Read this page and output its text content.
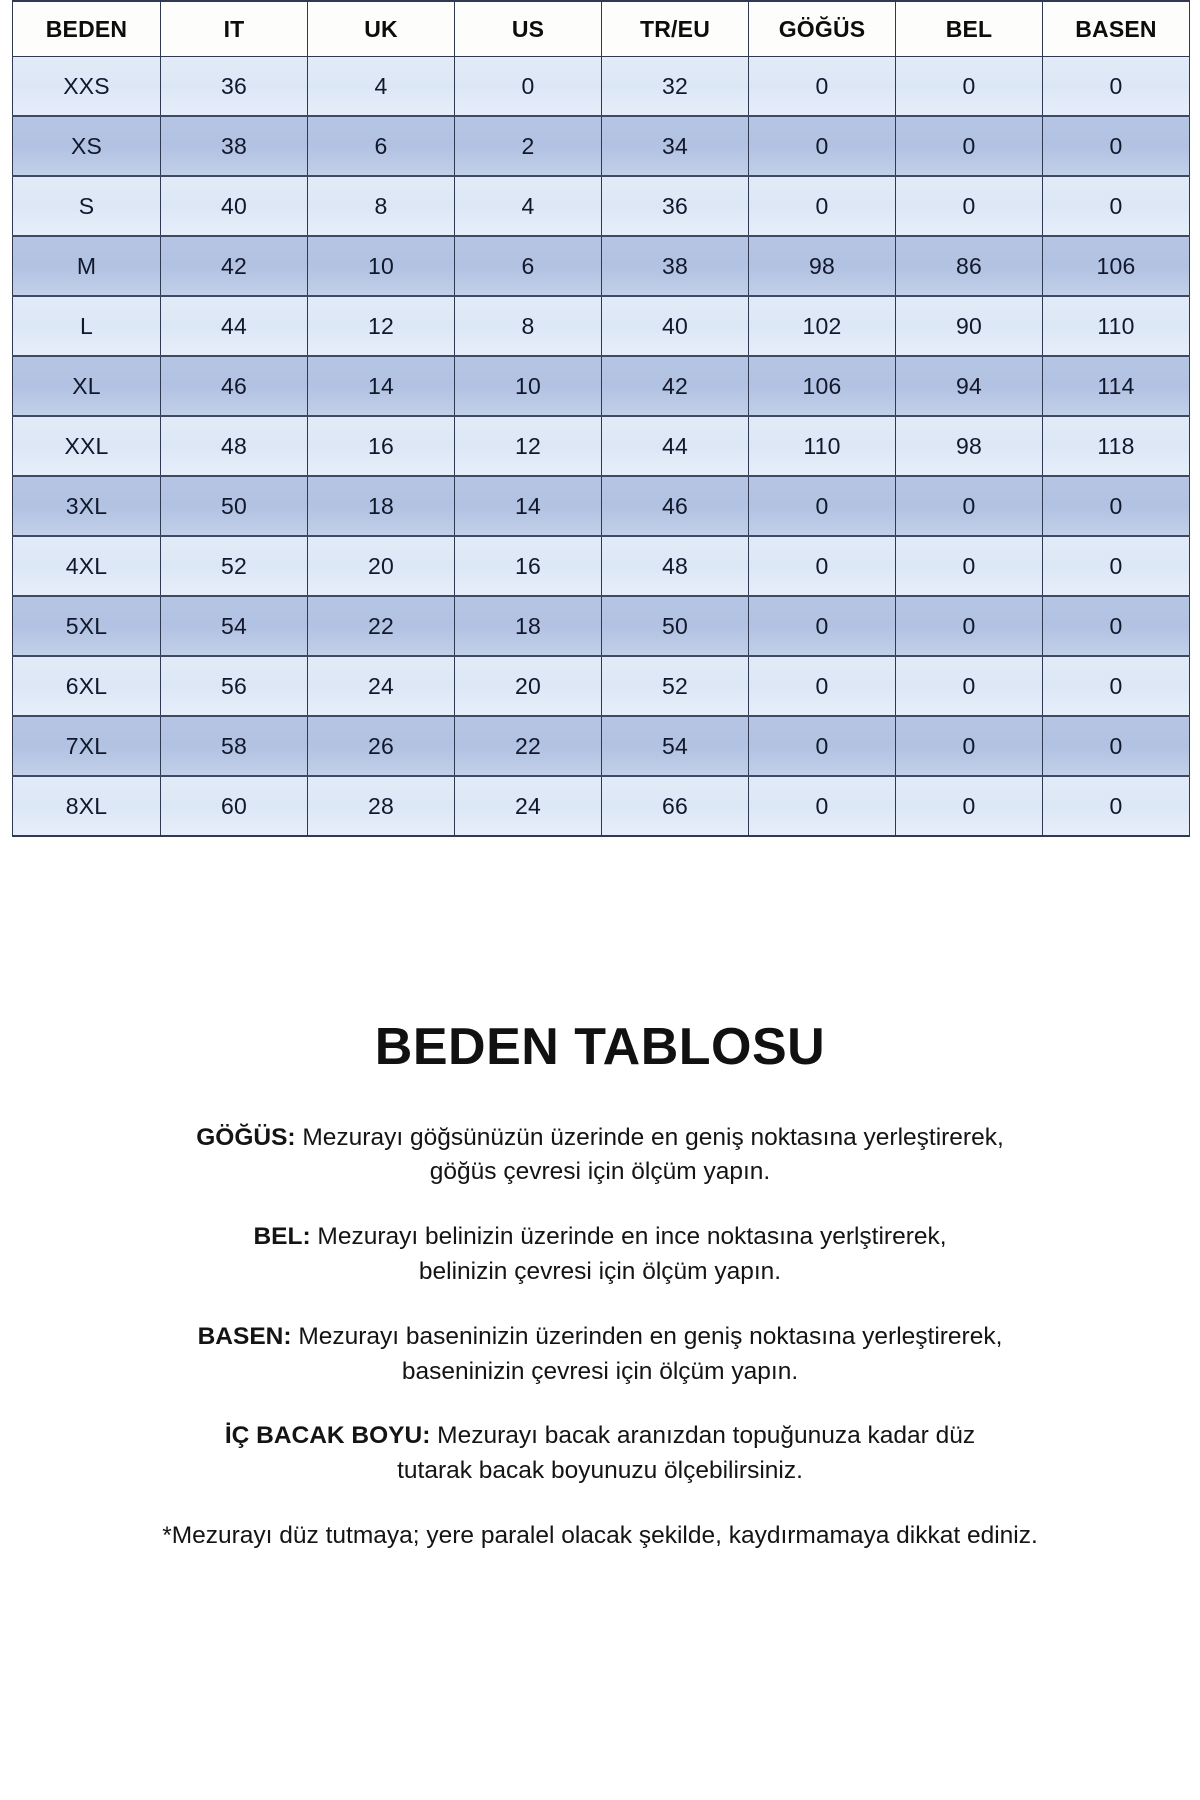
BEDEN	IT	UK	US	TR/EU	GÖĞÜS	BEL	BASEN
XXS	36	4	0	32	0	0	0
XS	38	6	2	34	0	0	0
S	40	8	4	36	0	0	0
M	42	10	6	38	98	86	106
L	44	12	8	40	102	90	110
XL	46	14	10	42	106	94	114
XXL	48	16	12	44	110	98	118
3XL	50	18	14	46	0	0	0
4XL	52	20	16	48	0	0	0
5XL	54	22	18	50	0	0	0
6XL	56	24	20	52	0	0	0
7XL	58	26	22	54	0	0	0
8XL	60	28	24	66	0	0	0
BEDEN TABLOSU

GÖĞÜS: Mezurayı göğsünüzün üzerinde en geniş noktasına yerleştirerek,
göğüs çevresi için ölçüm yapın.

BEL: Mezurayı belinizin üzerinde en ince noktasına yerlştirerek,
belinizin çevresi için ölçüm yapın.

BASEN: Mezurayı baseninizin üzerinden en geniş noktasına yerleştirerek,
baseninizin çevresi için ölçüm yapın.

İÇ BACAK BOYU: Mezurayı bacak aranızdan topuğunuza kadar düz
tutarak bacak boyunuzu ölçebilirsiniz.

*Mezurayı düz tutmaya; yere paralel olacak şekilde, kaydırmamaya dikkat ediniz.
